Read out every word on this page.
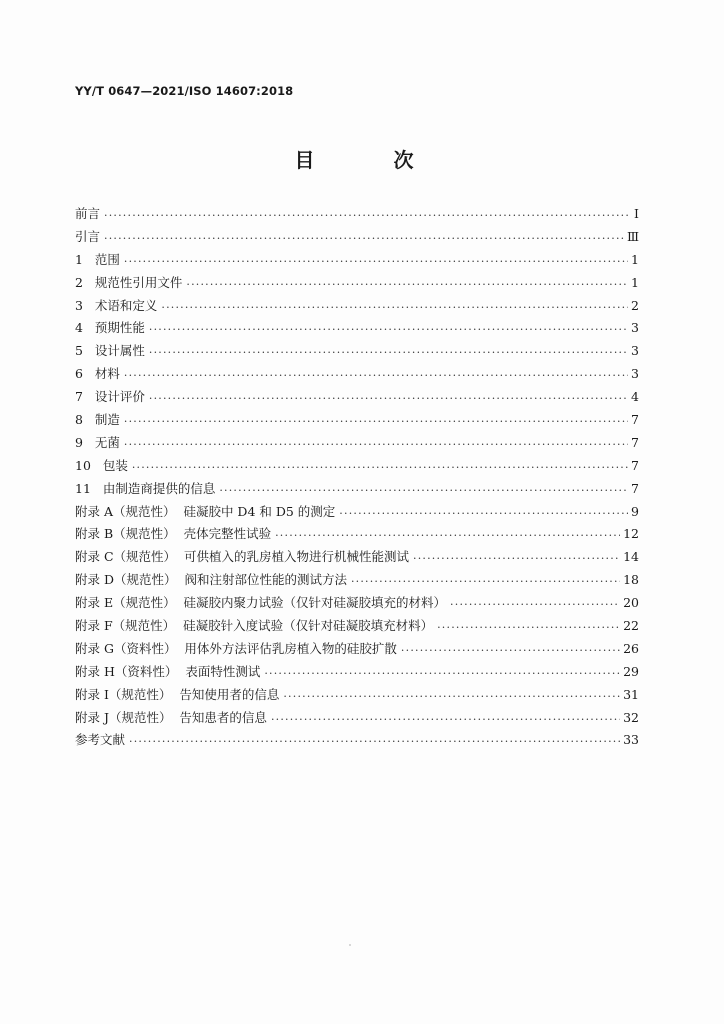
YY/T 0647—2021/ISO 14607:2018
目 次
前言 ·····	Ⅰ
引言 ·····	Ⅲ
1   范围 ·····	1
2   规范性引用文件 ·····	1
3   术语和定义 ·····	2
4   预期性能 ·····	3
5   设计属性 ·····	3
6   材料 ·····	3
7   设计评价 ·····	4
8   制造 ·····	7
9   无菌 ·····	7
10   包装 ·····	7
11   由制造商提供的信息 ·····	7
附录 A（规范性）  硅凝胶中 D4 和 D5 的测定 ·····	9
附录 B（规范性）  壳体完整性试验 ·····	12
附录 C（规范性）  可供植入的乳房植入物进行机械性能测试 ·····	14
附录 D（规范性）  阀和注射部位性能的测试方法 ·····	18
附录 E（规范性）  硅凝胶内聚力试验（仅针对硅凝胶填充的材料） ·····	20
附录 F（规范性）  硅凝胶针入度试验（仅针对硅凝胶填充材料） ·····	22
附录 G（资料性）  用体外方法评估乳房植入物的硅胶扩散 ·····	26
附录 H（资料性）  表面特性测试 ·····	29
附录 I（规范性）  告知使用者的信息 ·····	31
附录 J（规范性）  告知患者的信息 ·····	32
参考文献 ·····	33
